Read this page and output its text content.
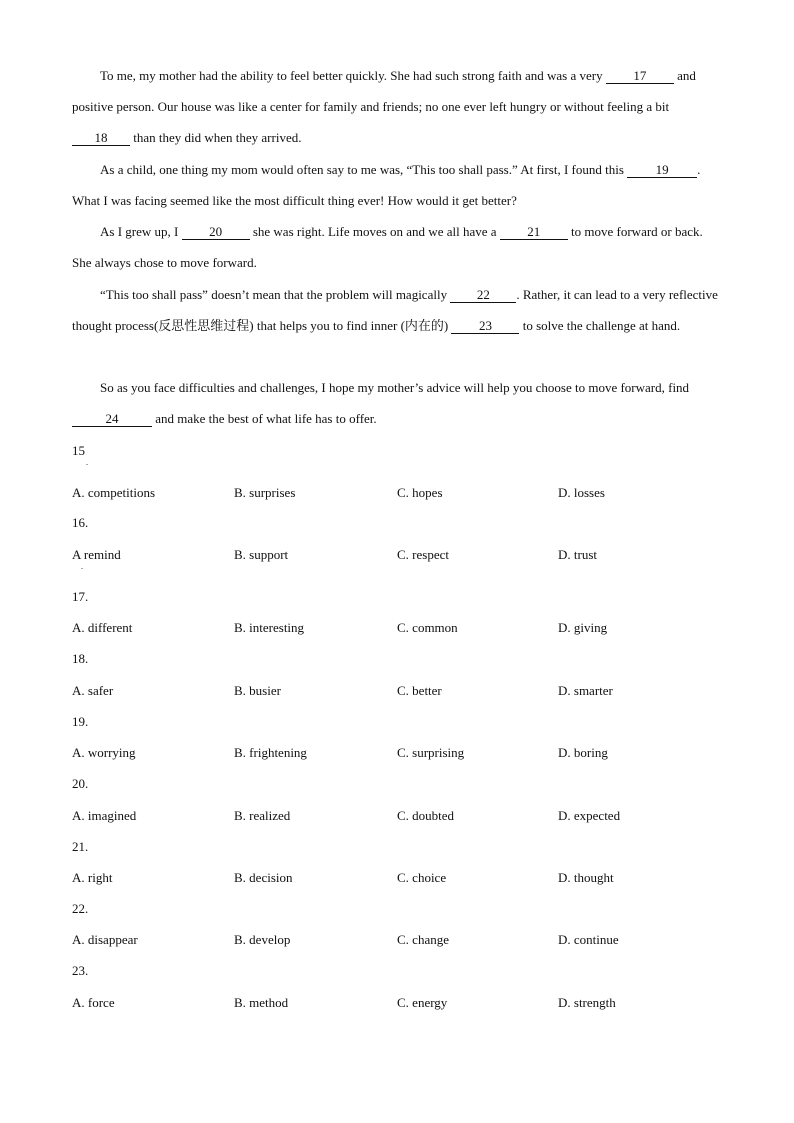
To me, my mother had the ability to feel better quickly. She had such strong faith and was a very 17 and positive person. Our house was like a center for family and friends; no one ever left hungry or without feeling a bit 18 than they did when they arrived.

As a child, one thing my mom would often say to me was, “This too shall pass.” At first, I found this 19 . What I was facing seemed like the most difficult thing ever! How would it get better?

As I grew up, I 20 she was right. Life moves on and we all have a 21 to move forward or back. She always chose to move forward.

“This too shall pass” doesn’t mean that the problem will magically 22 . Rather, it can lead to a very reflective thought process(反思性思维过程) that helps you to find inner (内在的) 23 to solve the challenge at hand.

So as you face difficulties and challenges, I hope my mother’s advice will help you choose to move forward, find 24	and make the best of what life has to offer.

15
.
A. competitions	B. surprises	C. hopes	D. losses
16.
A remind
.
B. support	C. respect	D. trust
17.
A. different	B. interesting	C. common	D. giving
18.
A. safer	B. busier	C. better	D. smarter
19.
A. worrying	B. frightening	C. surprising	D. boring
20.
A. imagined	B. realized	C. doubted	D. expected
21.
A. right	B. decision	C. choice	D. thought
22.
A. disappear	B. develop	C. change	D. continue
23.
A. force	B. method	C. energy	D. strength
